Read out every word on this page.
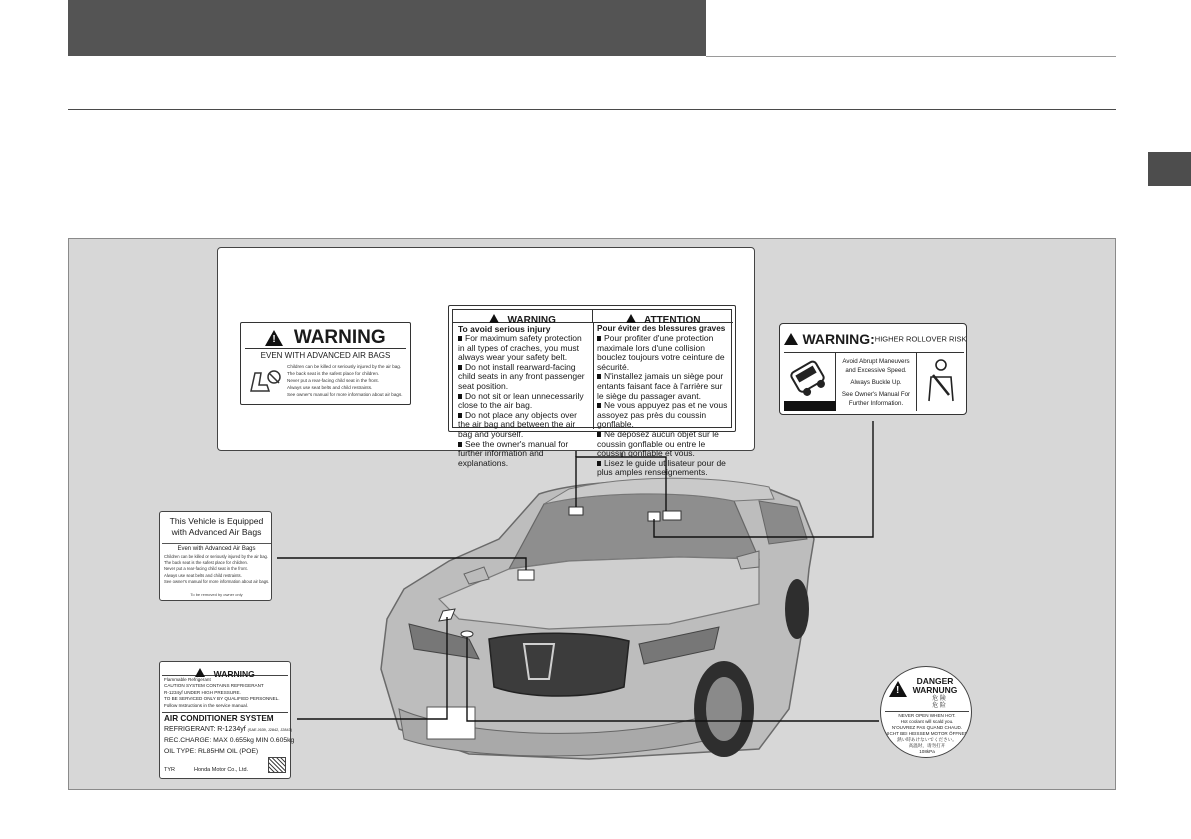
! WARNING
EVEN WITH ADVANCED AIR BAGS
Children can be killed or seriously injured by the air bag.
The back seat is the safest place for children.
Never put a rear-facing child seat in the front.
Always use seat belts and child restraints.
See owner's manual for more information about air bags.
WARNING	ATTENTION
To avoid serious injury
For maximum safety protection in all types of craches, you must always wear your safety belt.
Do not install rearward-facing child seats in any front passenger seat position.
Do not sit or lean unnecessarily close to the air bag.
Do not place any objects over the air bag and between the air bag and yourself.
See the owner's manual for further information and explanations.
Pour éviter des blessures graves
Pour profiter d'une protection maximale lors d'une collision bouclez toujours votre ceinture de sécurité.
N'installez jamais un siège pour entants faisant face à l'arrière sur le siège du passager avant.
Ne vous appuyez pas et ne vous assoyez pas près du coussin gonflable.
Ne déposez aucun objet sur le coussin gonflable ou entre le coussin gonflable et vous.
Lisez le guide utilisateur pour de plus amples renseignements.
WARNING:HIGHER ROLLOVER RISK
Avoid Abrupt Maneuvers and Excessive Speed.
Always Buckle Up.
See Owner's Manual For Further Information.
This Vehicle is Equipped with Advanced Air Bags
Even with Advanced Air Bags
Children can be killed or seriously injured by the air bag.
The back seat is the safest place for children.
Never put a rear-facing child seat in the front.
Always use seat belts and child restraints.
See owner's manual for more information about air bags.
To be removed by owner only
WARNING
Flammable Refrigerant
CAUTION SYSTEM CONTAINS REFRIGERANT
R-1234yf UNDER HIGH PRESSURE.
TO BE SERVICED ONLY BY QUALIFIED PERSONNEL.
Follow Instructions in the service manual.
AIR CONDITIONER SYSTEM
REFRIGERANT: R-1234yf (SAE J639, J2842, J2843)
REC.CHARGE: MAX 0.655kg MIN 0.605kg
OIL TYPE: RL85HM OIL (POE)
TYR	Honda Motor Co., Ltd.
!
DANGER
WARNUNG
危 険
危 险
NEVER OPEN WHEN HOT.
Hot coolant will scald you.
N'OUVREZ PAS QUAND CHAUD.
NICHT BEI HEISSEM MOTOR ÖFFNEN.
熱い時あけないでください。
高温时，请勿打开
108kPa
